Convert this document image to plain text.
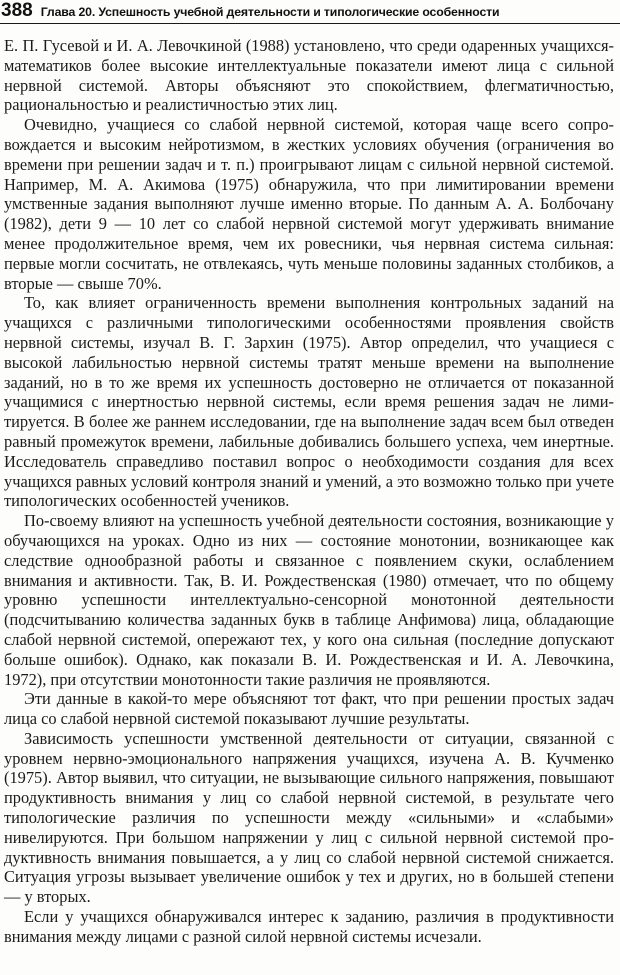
388 Глава 20. Успешность учебной деятельности и типологические особенности

Е. П. Гусевой и И. А. Левочкиной (1988) установлено, что среди одаренных учащихся-математиков более высокие интеллектуальные показатели имеют лица с сильной нервной системой. Авторы объясняют это спокойствием, флегматичностью, рациональностью и реалистичностью этих лиц.

Очевидно, учащиеся со слабой нервной системой, которая чаще всего сопровождается и высоким нейротизмом, в жестких условиях обучения (ограничения во времени при решении задач и т. п.) проигрывают лицам с сильной нервной системой. Например, М. А. Акимова (1975) обнаружила, что при лимитировании времени умственные задания выполняют лучше именно вторые. По данным А. А. Болбочану (1982), дети 9 — 10 лет со слабой нервной системой могут удерживать внимание менее продолжительное время, чем их ровесники, чья нервная система сильная: первые могли сосчитать, не отвлекаясь, чуть меньше половины заданных столбиков, а вторые — свыше 70%.

То, как влияет ограниченность времени выполнения контрольных заданий на учащихся с различными типологическими особенностями проявления свойств нервной системы, изучал В. Г. Зархин (1975). Автор определил, что учащиеся с высокой лабильностью нервной системы тратят меньше времени на выполнение заданий, но в то же время их успешность достоверно не отличается от показанной учащимися с инертностью нервной системы, если время решения задач не лимитируется. В более же раннем исследовании, где на выполнение задач всем был отведен равный промежуток времени, лабильные добивались большего успеха, чем инертные. Исследователь справедливо поставил вопрос о необходимости создания для всех учащихся равных условий контроля знаний и умений, а это возможно только при учете типологических особенностей учеников.

По-своему влияют на успешность учебной деятельности состояния, возникающие у обучающихся на уроках. Одно из них — состояние монотонии, возникающее как следствие однообразной работы и связанное с появлением скуки, ослаблением внимания и активности. Так, В. И. Рождественская (1980) отмечает, что по общему уровню успешности интеллектуально-сенсорной монотонной деятельности (подсчитыванию количества заданных букв в таблице Анфимова) лица, обладающие слабой нервной системой, опережают тех, у кого она сильная (последние допускают больше ошибок). Однако, как показали В. И. Рождественская и И. А. Левочкина, 1972), при отсутствии монотонности такие различия не проявляются.

Эти данные в какой-то мере объясняют тот факт, что при решении простых задач лица со слабой нервной системой показывают лучшие результаты.

Зависимость успешности умственной деятельности от ситуации, связанной с уровнем нервно-эмоционального напряжения учащихся, изучена А. В. Кучменко (1975). Автор выявил, что ситуации, не вызывающие сильного напряжения, повышают продуктивность внимания у лиц со слабой нервной системой, в результате чего типологические различия по успешности между «сильными» и «слабыми» нивелируются. При большом напряжении у лиц с сильной нервной системой продуктивность внимания повышается, а у лиц со слабой нервной системой снижается. Ситуация угрозы вызывает увеличение ошибок у тех и других, но в большей степени — у вторых.

Если у учащихся обнаруживался интерес к заданию, различия в продуктивности внимания между лицами с разной силой нервной системы исчезали.
